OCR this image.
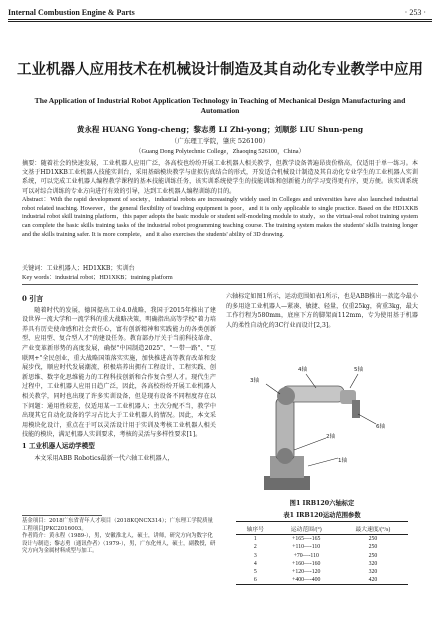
Internal Combustion Engine & Parts	· 253 ·
工业机器人应用技术在机械设计制造及其自动化专业教学中应用
The Application of Industrial Robot Application Technology in Teaching of Mechanical Design Manufacturing and Automation
黄永程 HUANG Yong-cheng；黎志勇 LI Zhi-yong；刘顺彭 LIU Shun-peng
（广东理工学院，肇庆 526100）
（Guang Dong Polytechnic College，Zhaoqing 526100，China）
摘要：随着社会的快速发展，工业机器人应用广泛，各高校也纷纷开展工业机器人相关教学，但教学设备普遍昂贵价格高，仅适用于单一练习。本文基于HD1XKB工业机器人技能实训台，采用基础模块教学与虚拟仿真结合的形式，开发适合机械设计制造及其自动化专业学生的工业机器人实训系统，可以完成工业机器人编程教学课程的基本技能训练任务，该实训系统使学生的技能训练和创新能力的学习变得更有序，更方便。该实训系统可以对综合训练的专业方向进行有效的引导，达到工业机器人编程训练的目的。
Abstract：With the rapid development of society，industrial robots are increasingly widely used in Colleges and universities have also launched industrial robot related teaching. However，the general flexibility of teaching equipment is poor，and it is only applicable to single practice. Based on the HD1XKB industrial robot skill training platform，this paper adopts the basic module or student self-modeling module to study，so the virtual-real robot training system can complete the basic skills training tasks of the industrial robot programming teaching course. The training system makes the students' skills training longer and the skills training safer. It is more complete，and it also exercises the students' ability of 3D drawing.
关键词：工业机器人；HD1XKB；实训台
Key words：industrial robot；HD1XKB；training platform
0 引言

随着时代的发展，德国提出工业4.0战略，我国于2015年推出了建设世界一流大学和一流学科的重大战略决策，明确指出高等学校"着力培养具有历史使命感和社会责任心，富有创新精神和实践能力的各类创新型、应用型、复合型人才"的建设任务。教育部办厅关于当前科技革命、产业变革新形势的高度发展，确保"中国制造2025"、"一带一路"、"互联网+"全民创业，重大战略国策落实实施，加快推进高等教育改革和发展步伐，顺应时代发展潮流，积极培养出拥有工程设计、工程实践、创新思维、数字化思维能力的工程科技创新和合作复合型人才。现代生产过程中，工业机器人应用日趋广泛，因此，各高校纷纷开展工业机器人相关教学，同时也出现了许多实训设备，但是现有设备不同程度存在以下问题：通用性较差，仅适用某一工业机器人；主次分配不当，教学中出现其它自动化设备的学习占比大于工业机器人的情况。因此，本文采用模块化设计，重点在于可以灵活设计用于实训及考核工业机器人相关技能的模块，满足机器人实训要求，考核的灵活与多样性要求[1]。

1 工业机器人运动学模型

本文采用ABB Robotics最新一代六轴工业机器人，

基金项目：2018广东省青年人才项目（2018KQNCX314）；广东理工学院质量工程项目JPKC2016003。
作者简介：黄永程（1989-），男，安徽淮北人，硕士，讲师，研究方向为数字化设计与制造；黎志勇（通讯作者）（1979-），男，广东化州人，硕士，副教授，研究方向为金属材料成型与加工。

六轴标定如图1所示，运动范围如表1所示，也是ABB推出一款迄今最小的多用途工业机器人—紧凑、敏捷、轻量，仅重25kg，荷重3kg，最大工作行程为580mm，底座下方的脚架面112mm，专为使用基于机器人的柔性自动化的3C行业而设计[2,3]。

4轴	5轴
3轴
6轴
1轴
2轴
图1 IRB120六轴标定
表1 IRB120运动范围参数
轴序号	运动范围/(°)	最大速度/(°/s)
1	+165—-165	250
2	+110—-110	250
3	+70—-110	250
4	+160—-160	320
5	+120—-120	320
6	+400—-400	420
